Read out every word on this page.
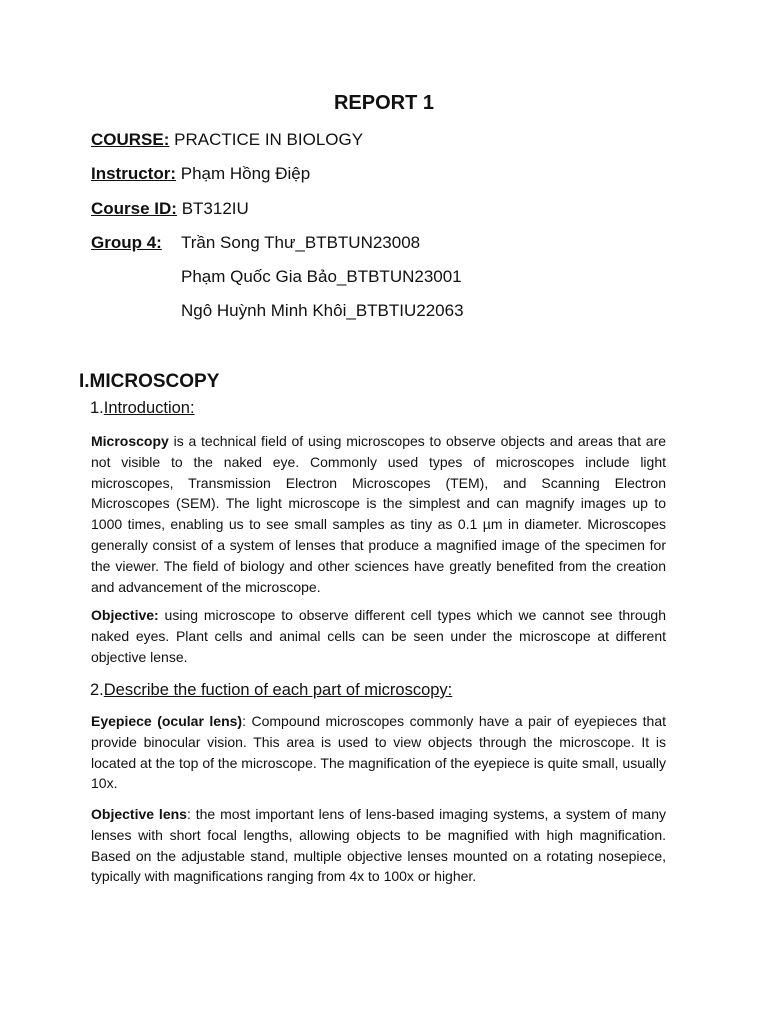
REPORT 1
COURSE: PRACTICE IN BIOLOGY
Instructor: Phạm Hồng Điệp
Course ID: BT312IU
Group 4: Trần Song Thư_BTBTUN23008
Phạm Quốc Gia Bảo_BTBTUN23001
Ngô Huỳnh Minh Khôi_BTBTIU22063
I.MICROSCOPY
1.Introduction:

Microscopy is a technical field of using microscopes to observe objects and areas that are not visible to the naked eye. Commonly used types of microscopes include light microscopes, Transmission Electron Microscopes (TEM), and Scanning Electron Microscopes (SEM). The light microscope is the simplest and can magnify images up to 1000 times, enabling us to see small samples as tiny as 0.1 µm in diameter. Microscopes generally consist of a system of lenses that produce a magnified image of the specimen for the viewer. The field of biology and other sciences have greatly benefited from the creation and advancement of the microscope.

Objective: using microscope to observe different cell types which we cannot see through naked eyes. Plant cells and animal cells can be seen under the microscope at different objective lense.

2.Describe the fuction of each part of microscopy:

Eyepiece (ocular lens): Compound microscopes commonly have a pair of eyepieces that provide binocular vision. This area is used to view objects through the microscope. It is located at the top of the microscope. The magnification of the eyepiece is quite small, usually 10x.

Objective lens: the most important lens of lens-based imaging systems, a system of many lenses with short focal lengths, allowing objects to be magnified with high magnification. Based on the adjustable stand, multiple objective lenses mounted on a rotating nosepiece, typically with magnifications ranging from 4x to 100x or higher.
